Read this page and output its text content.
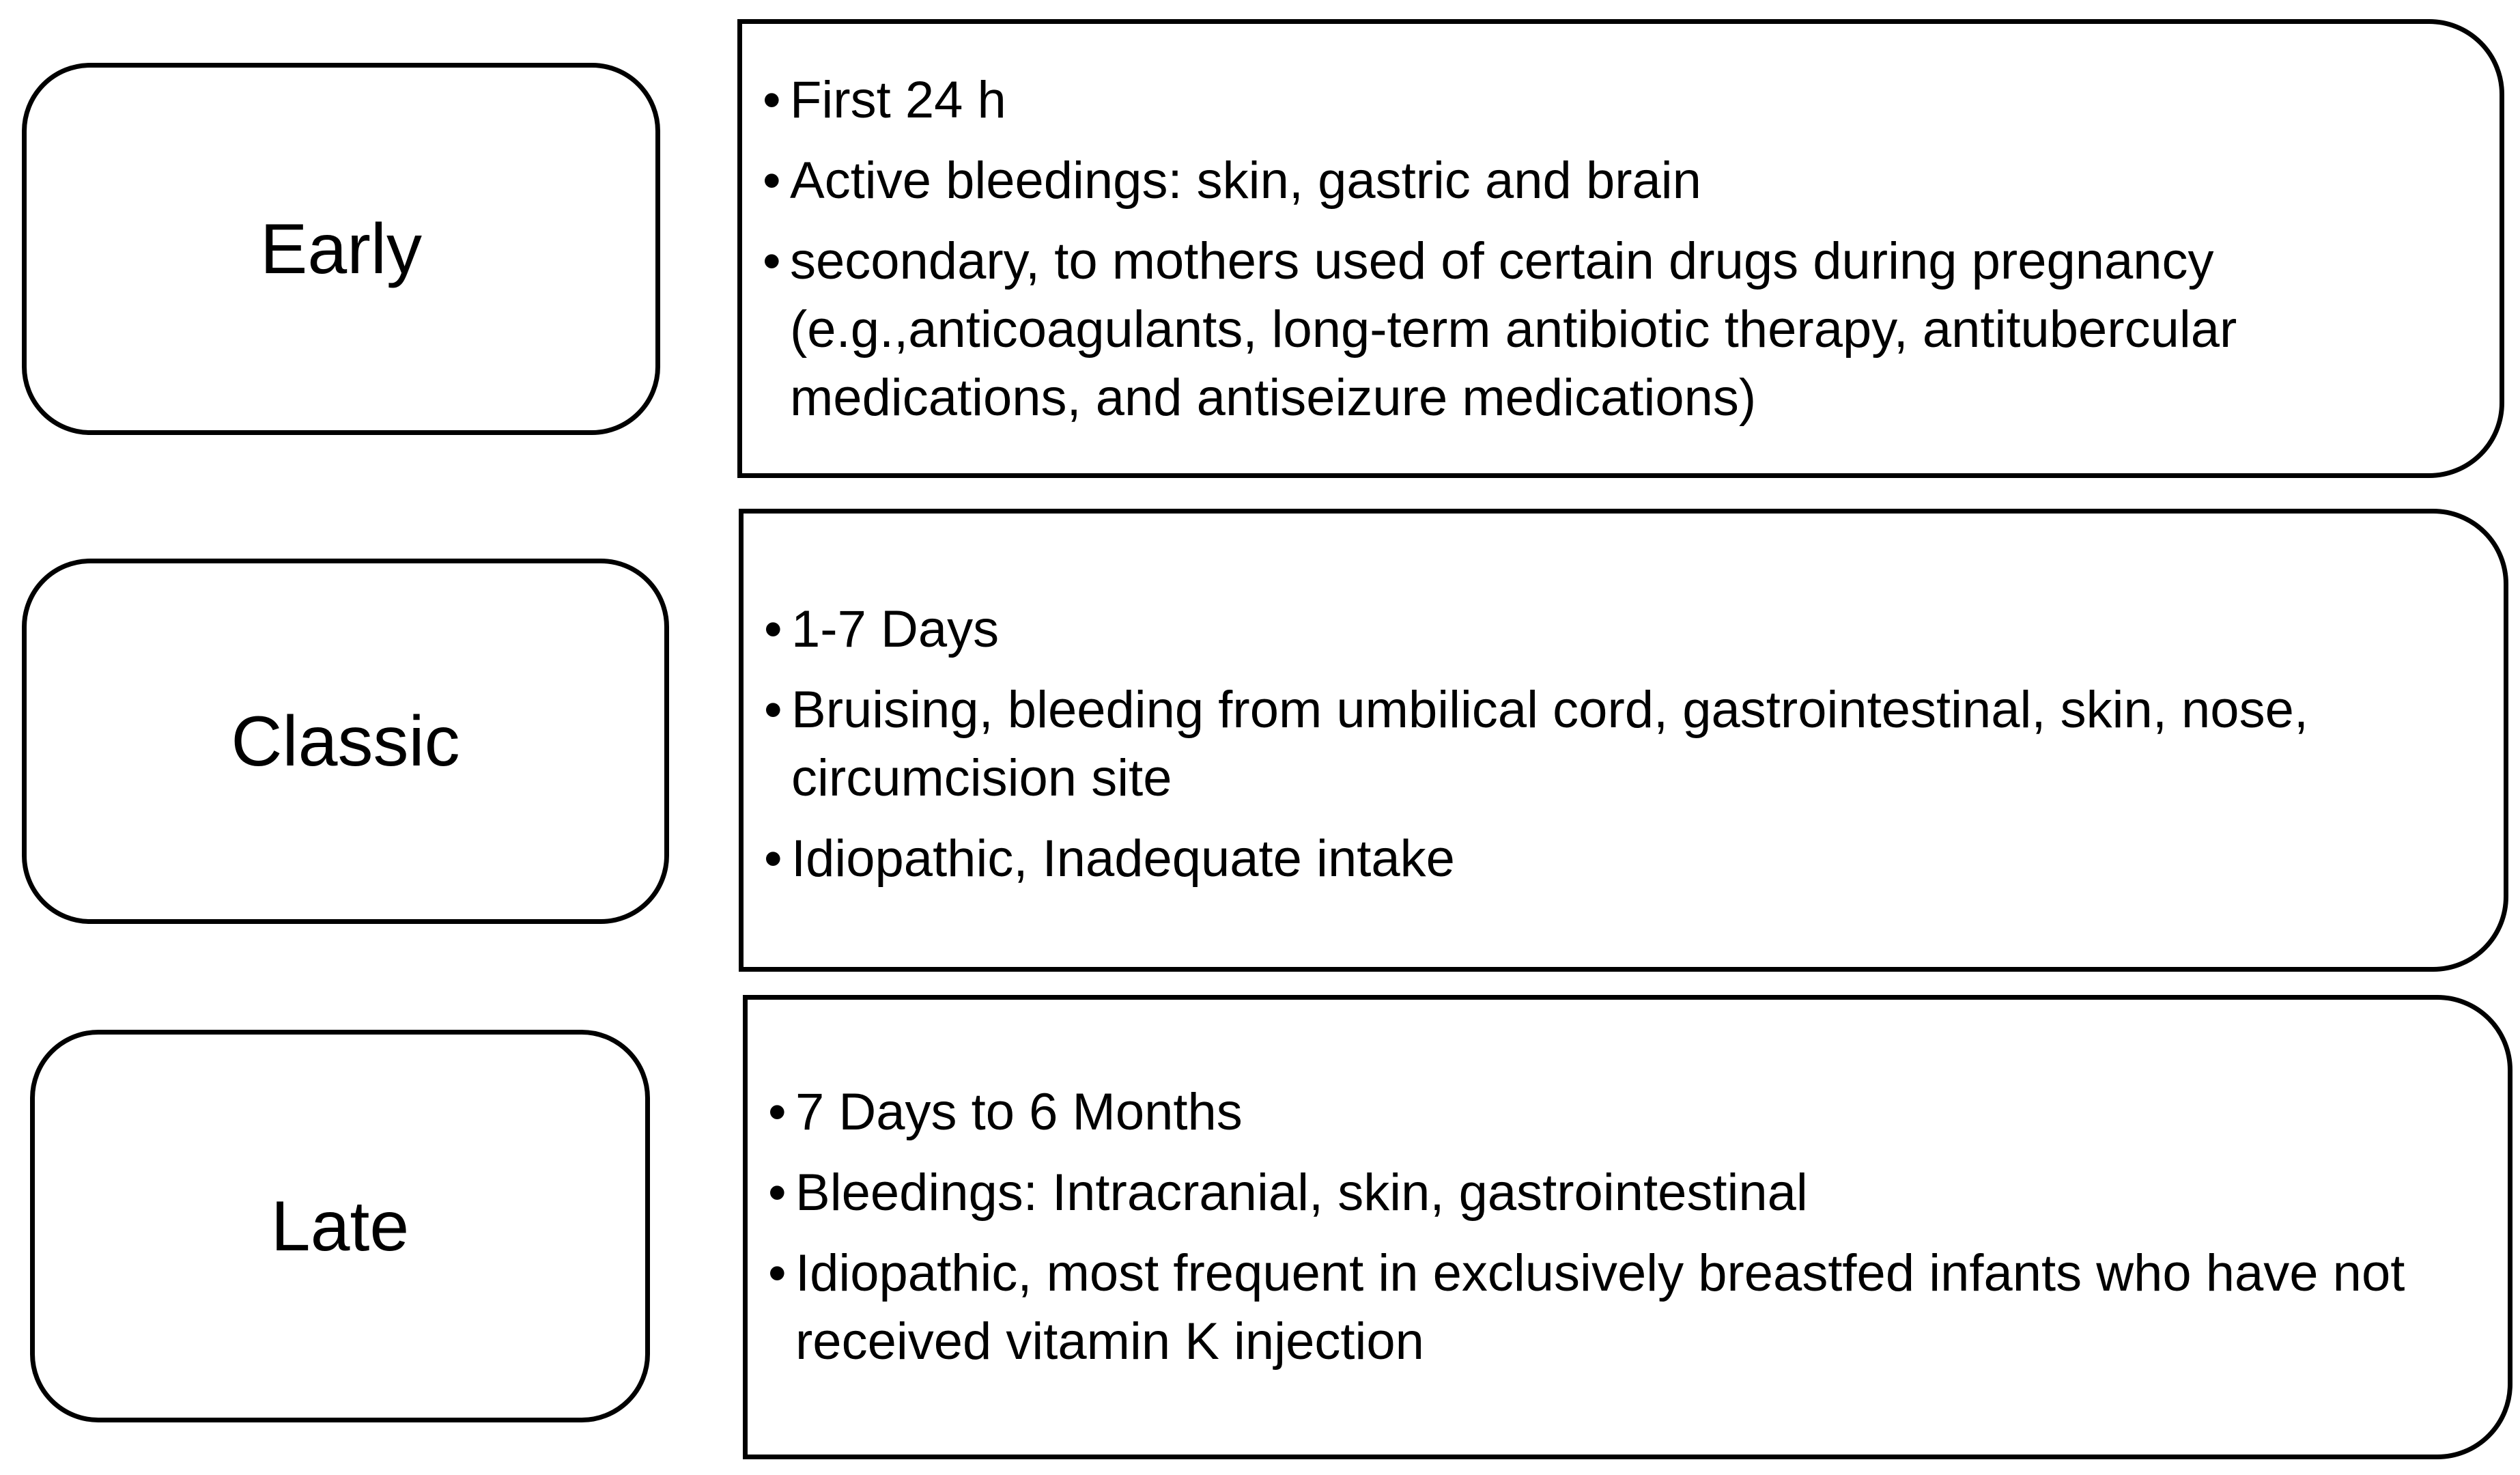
Early
• First 24 h
• Active bleedings: skin, gastric and brain
• secondary, to mothers used of certain drugs during pregnancy (e.g.,anticoagulants, long-term antibiotic therapy, antitubercular medications, and antiseizure medications)
Classic
• 1-7 Days
• Bruising, bleeding from umbilical cord, gastrointestinal, skin, nose, circumcision site
• Idiopathic, Inadequate intake
Late
• 7 Days to 6 Months
• Bleedings: Intracranial, skin, gastrointestinal
• Idiopathic, most frequent in exclusively breastfed infants who have not received vitamin K injection
